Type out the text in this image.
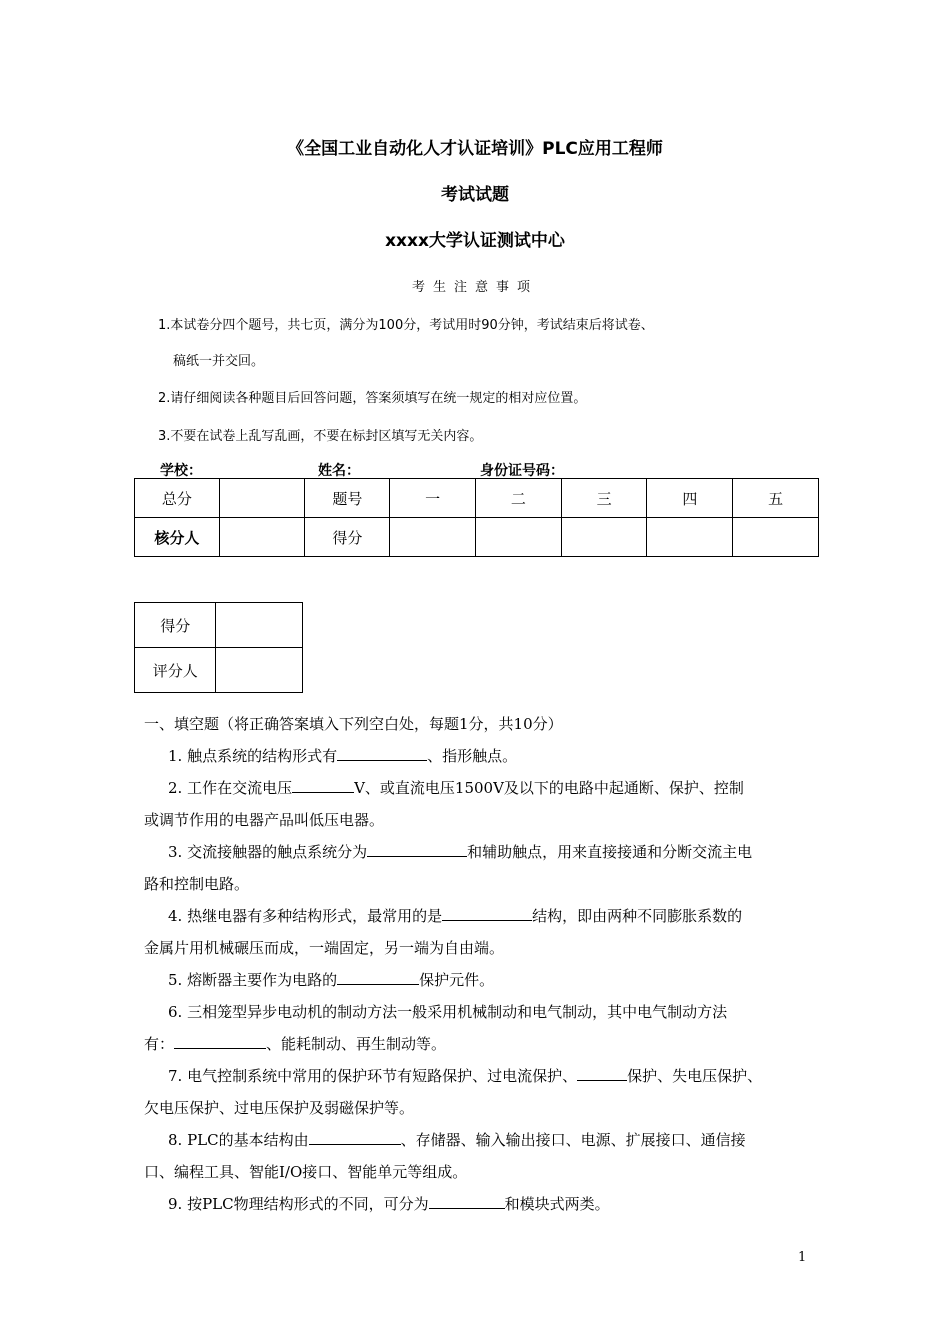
《全国工业自动化人才认证培训》PLC应用工程师
考试试题
xxxx大学认证测试中心
考生注意事项
1.本试卷分四个题号，共七页，满分为100分，考试用时90分钟，考试结束后将试卷、
稿纸一并交回。
2.请仔细阅读各种题目后回答问题，答案须填写在统一规定的相对应位置。
3.不要在试卷上乱写乱画，不要在标封区填写无关内容。
学校：	姓名：	身份证号码：
总分		题号	一	二	三	四	五
核分人		得分					
得分	
评分人	
一、填空题（将正确答案填入下列空白处，每题1分，共10分）
1. 触点系统的结构形式有	、指形触点。
2. 工作在交流电压	V、或直流电压1500V及以下的电路中起通断、保护、控制
或调节作用的电器产品叫低压电器。
3. 交流接触器的触点系统分为	和辅助触点，用来直接接通和分断交流主电
路和控制电路。
4. 热继电器有多种结构形式，最常用的是	结构，即由两种不同膨胀系数的
金属片用机械碾压而成，一端固定，另一端为自由端。
5. 熔断器主要作为电路的	保护元件。
6. 三相笼型异步电动机的制动方法一般采用机械制动和电气制动，其中电气制动方法
有：	、能耗制动、再生制动等。
7. 电气控制系统中常用的保护环节有短路保护、过电流保护、	保护、失电压保护、
欠电压保护、过电压保护及弱磁保护等。
8. PLC的基本结构由	、存储器、输入输出接口、电源、扩展接口、通信接
口、编程工具、智能I/O接口、智能单元等组成。
9. 按PLC物理结构形式的不同，可分为	和模块式两类。
1
